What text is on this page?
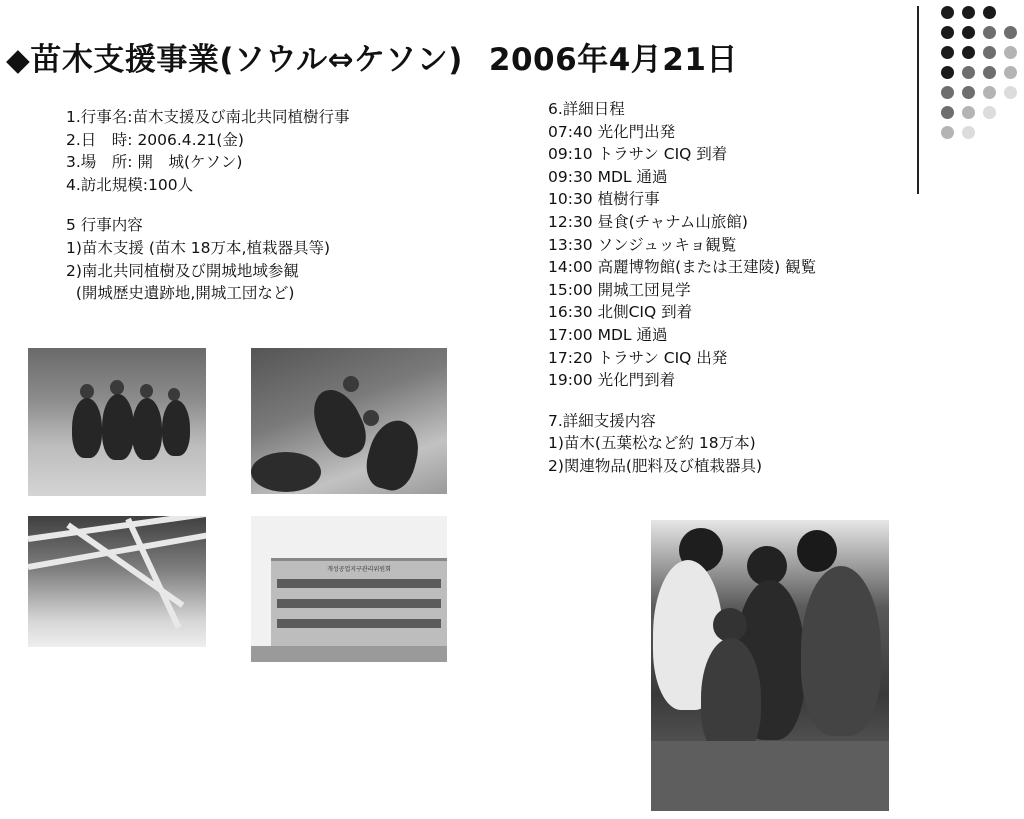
◆苗木支援事業(ソウル⇔ケソン) 2006年4月21日
1.行事名:苗木支援及び南北共同植樹行事
2.日　時: 2006.4.21(金)
3.場　所: 開　城(ケソン)
4.訪北規模:100人
5 行事内容
1)苗木支援 (苗木 18万本,植栽器具等)
2)南北共同植樹及び開城地域参観
(開城歴史遺跡地,開城工団など)
6.詳細日程
07:40 光化門出発
09:10 トラサン CIQ 到着
09:30 MDL 通過
10:30 植樹行事
12:30 昼食(チャナム山旅館)
13:30 ソンジュッキョ観覧
14:00 高麗博物館(または王建陵) 観覧
15:00 開城工団見学
16:30 北側CIQ 到着
17:00 MDL 通過
17:20 トラサン CIQ 出発
19:00 光化門到着
7.詳細支援内容
1)苗木(五葉松など約 18万本)
2)関連物品(肥料及び植栽器具)
개성공업지구관리위원회
